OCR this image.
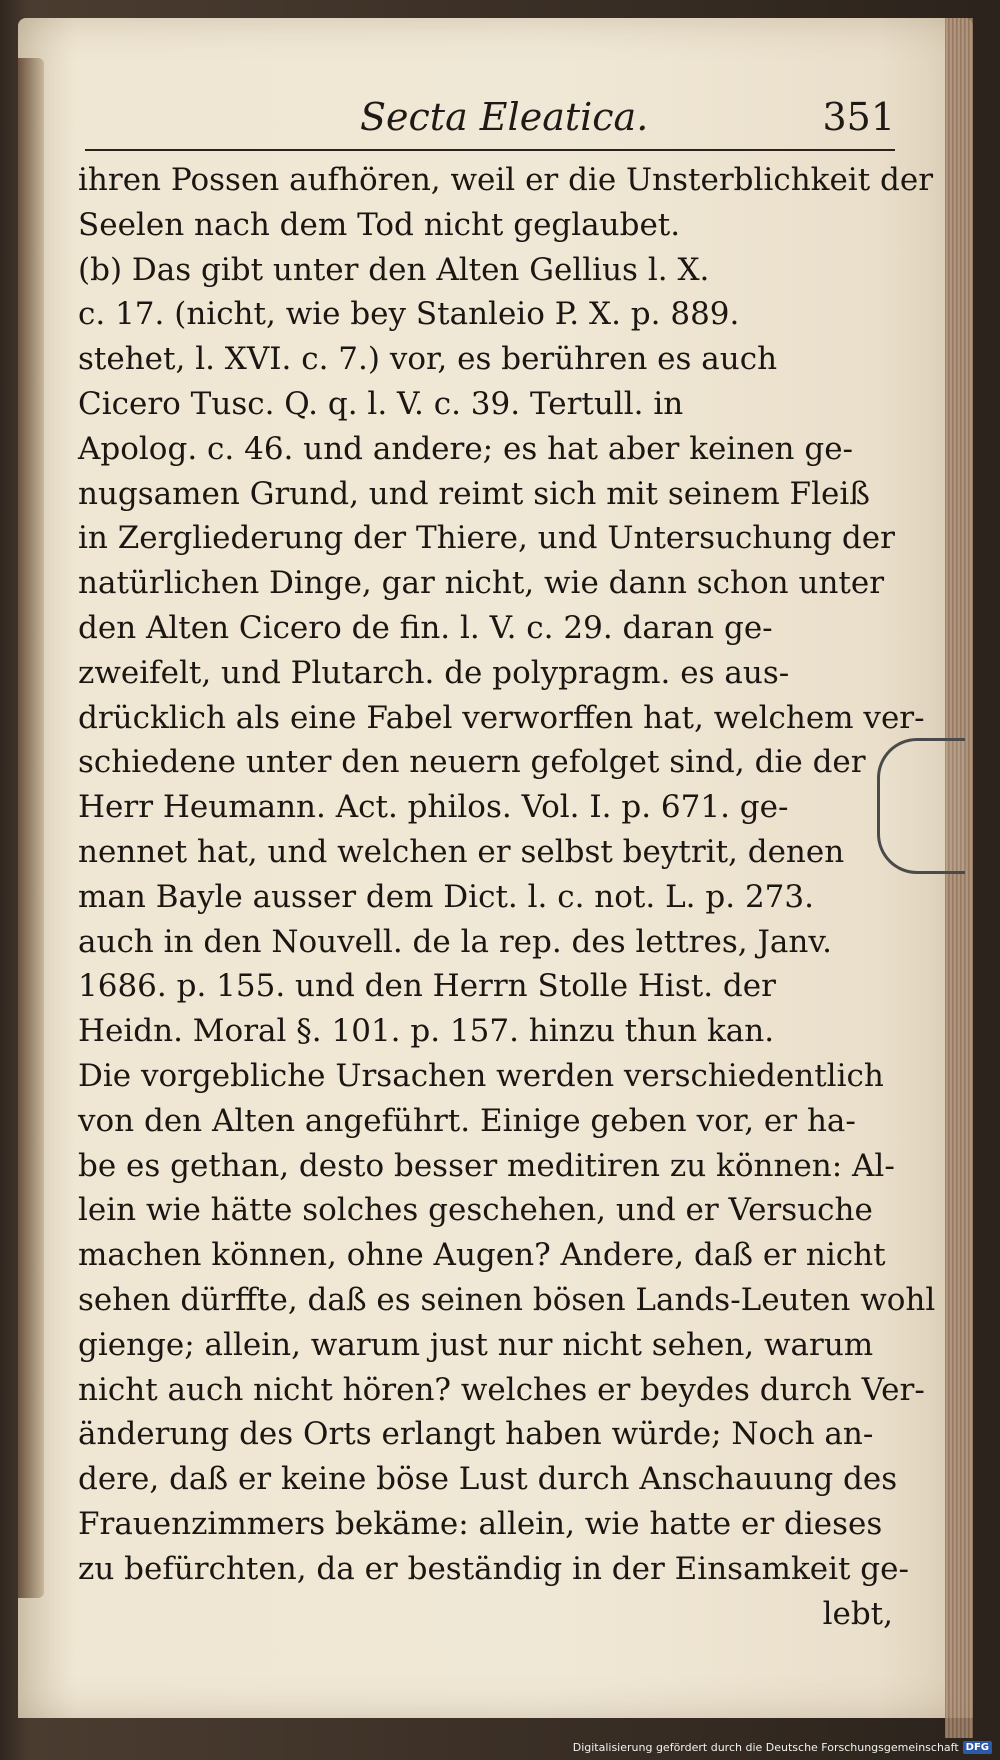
Secta Eleatica.	351
ihren Possen aufhören, weil er die Unsterblichkeit der
Seelen nach dem Tod nicht geglaubet.
(b) Das gibt unter den Alten Gellius l. X.
c. 17. (nicht, wie bey Stanleio P. X. p. 889.
stehet, l. XVI. c. 7.) vor, es berühren es auch
Cicero Tusc. Q. q. l. V. c. 39. Tertull. in
Apolog. c. 46. und andere; es hat aber keinen ge-
nugsamen Grund, und reimt sich mit seinem Fleiß
in Zergliederung der Thiere, und Untersuchung der
natürlichen Dinge, gar nicht, wie dann schon unter
den Alten Cicero de fin. l. V. c. 29. daran ge-
zweifelt, und Plutarch. de polypragm. es aus-
drücklich als eine Fabel verworffen hat, welchem ver-
schiedene unter den neuern gefolget sind, die der
Herr Heumann. Act. philos. Vol. I. p. 671. ge-
nennet hat, und welchen er selbst beytrit, denen
man Bayle ausser dem Dict. l. c. not. L. p. 273.
auch in den Nouvell. de la rep. des lettres, Janv.
1686. p. 155. und den Herrn Stolle Hist. der
Heidn. Moral §. 101. p. 157. hinzu thun kan.
Die vorgebliche Ursachen werden verschiedentlich
von den Alten angeführt. Einige geben vor, er ha-
be es gethan, desto besser meditiren zu können: Al-
lein wie hätte solches geschehen, und er Versuche
machen können, ohne Augen? Andere, daß er nicht
sehen dürffte, daß es seinen bösen Lands-Leuten wohl
gienge; allein, warum just nur nicht sehen, warum
nicht auch nicht hören? welches er beydes durch Ver-
änderung des Orts erlangt haben würde; Noch an-
dere, daß er keine böse Lust durch Anschauung des
Frauenzimmers bekäme: allein, wie hatte er dieses
zu befürchten, da er beständig in der Einsamkeit ge-
lebt,
Digitalisierung gefördert durch die Deutsche Forschungsgemeinschaft DFG
